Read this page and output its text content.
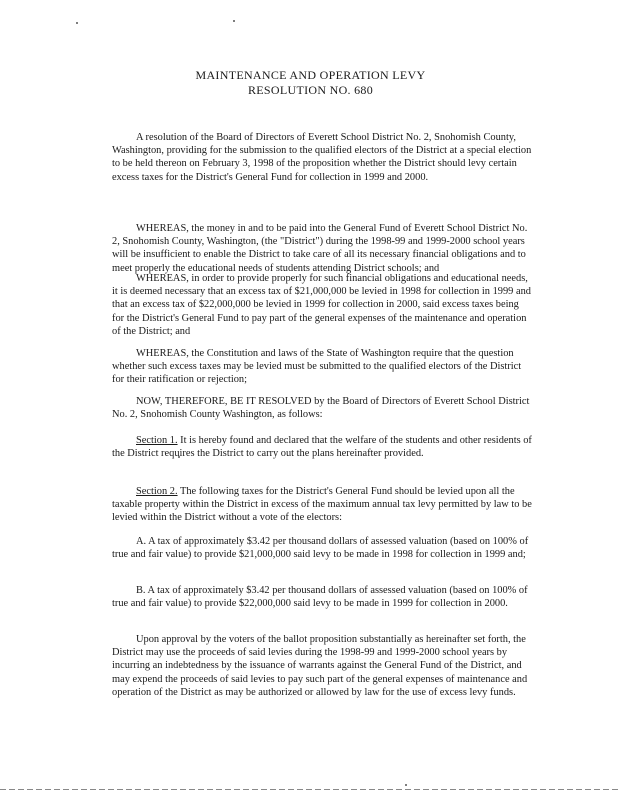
MAINTENANCE AND OPERATION LEVY
RESOLUTION NO. 680
A resolution of the Board of Directors of Everett School District No. 2, Snohomish County, Washington, providing for the submission to the qualified electors of the District at a special election to be held thereon on February 3, 1998 of the proposition whether the District should levy certain excess taxes for the District's General Fund for collection in 1999 and 2000.
WHEREAS, the money in and to be paid into the General Fund of Everett School District No. 2, Snohomish County, Washington, (the "District") during the 1998-99 and 1999-2000 school years will be insufficient to enable the District to take care of all its necessary financial obligations and to meet properly the educational needs of students attending District schools; and
WHEREAS, in order to provide properly for such financial obligations and educational needs, it is deemed necessary that an excess tax of $21,000,000 be levied in 1998 for collection in 1999 and that an excess tax of $22,000,000 be levied in 1999 for collection in 2000, said excess taxes being for the District's General Fund to pay part of the general expenses of the maintenance and operation of the District; and
WHEREAS, the Constitution and laws of the State of Washington require that the question whether such excess taxes may be levied must be submitted to the qualified electors of the District for their ratification or rejection;
NOW, THEREFORE, BE IT RESOLVED by the Board of Directors of Everett School District No. 2, Snohomish County Washington, as follows:
Section 1. It is hereby found and declared that the welfare of the students and other residents of the District requires the District to carry out the plans hereinafter provided.
Section 2. The following taxes for the District's General Fund should be levied upon all the taxable property within the District in excess of the maximum annual tax levy permitted by law to be levied within the District without a vote of the electors:
A. A tax of approximately $3.42 per thousand dollars of assessed valuation (based on 100% of true and fair value) to provide $21,000,000 said levy to be made in 1998 for collection in 1999 and;
B. A tax of approximately $3.42 per thousand dollars of assessed valuation (based on 100% of true and fair value) to provide $22,000,000 said levy to be made in 1999 for collection in 2000.
Upon approval by the voters of the ballot proposition substantially as hereinafter set forth, the District may use the proceeds of said levies during the 1998-99 and 1999-2000 school years by incurring an indebtedness by the issuance of warrants against the General Fund of the District, and may expend the proceeds of said levies to pay such part of the general expenses of maintenance and operation of the District as may be authorized or allowed by law for the use of excess levy funds.
